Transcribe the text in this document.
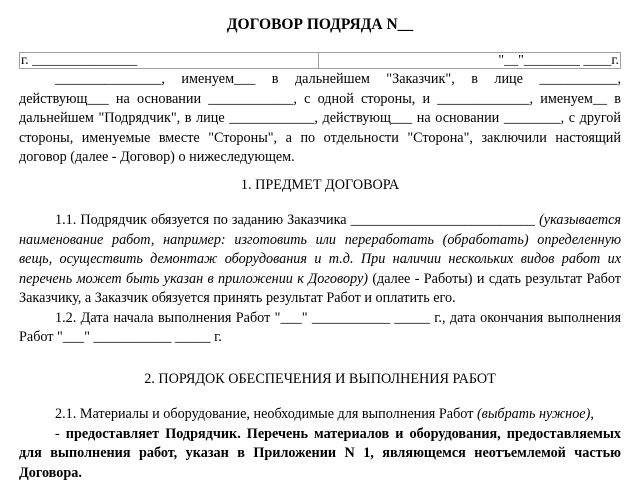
ДОГОВОР ПОДРЯДА N__
г. _______________	"__"________ ____г.

_______________, именуем___ в дальнейшем "Заказчик", в лице ___________, действующ___ на основании ____________, с одной стороны, и _____________, именуем__ в дальнейшем "Подрядчик", в лице ____________, действующ___ на основании ________, с другой стороны, именуемые вместе "Стороны", а по отдельности "Сторона", заключили настоящий договор (далее - Договор) о нижеследующем.

1. ПРЕДМЕТ ДОГОВОРА

1.1. Подрядчик обязуется по заданию Заказчика __________________________ (указывается наименование работ, например: изготовить или переработать (обработать) определенную вещь, осуществить демонтаж оборудования и т.д. При наличии нескольких видов работ их перечень может быть указан в приложении к Договору) (далее - Работы) и сдать результат Работ Заказчику, а Заказчик обязуется принять результат Работ и оплатить его.

1.2. Дата начала выполнения Работ "___" ___________ _____ г., дата окончания выполнения Работ "___" ___________ _____ г.

2. ПОРЯДОК ОБЕСПЕЧЕНИЯ И ВЫПОЛНЕНИЯ РАБОТ

2.1. Материалы и оборудование, необходимые для выполнения Работ (выбрать нужное),

- предоставляет Подрядчик. Перечень материалов и оборудования, предоставляемых для выполнения работ, указан в Приложении N 1, являющемся неотъемлемой частью Договора.
